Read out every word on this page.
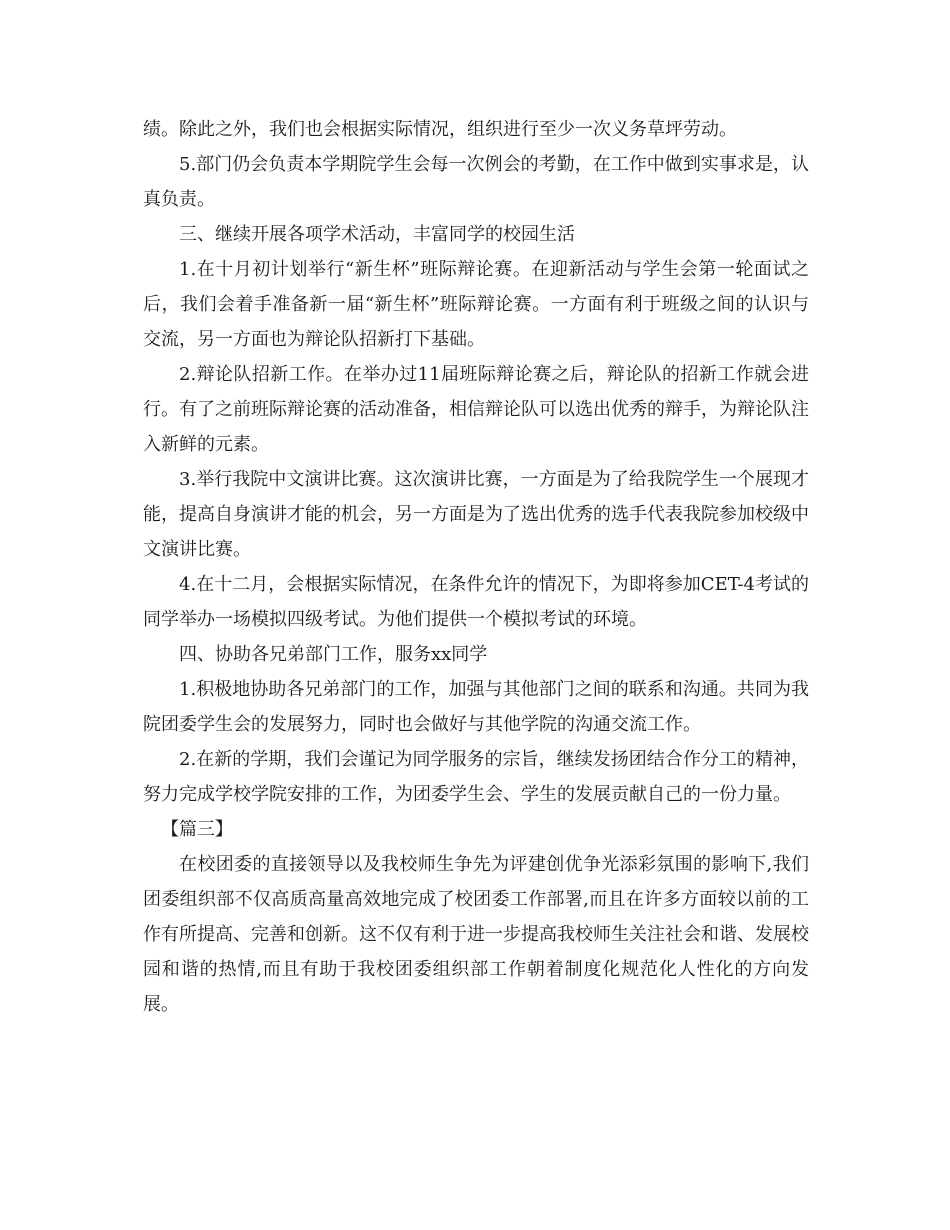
绩。除此之外，我们也会根据实际情况，组织进行至少一次义务草坪劳动。

5.部门仍会负责本学期院学生会每一次例会的考勤，在工作中做到实事求是，认真负责。

三、继续开展各项学术活动，丰富同学的校园生活

1.在十月初计划举行“新生杯”班际辩论赛。在迎新活动与学生会第一轮面试之后，我们会着手准备新一届“新生杯”班际辩论赛。一方面有利于班级之间的认识与交流，另一方面也为辩论队招新打下基础。

2.辩论队招新工作。在举办过11届班际辩论赛之后，辩论队的招新工作就会进行。有了之前班际辩论赛的活动准备，相信辩论队可以选出优秀的辩手，为辩论队注入新鲜的元素。

3.举行我院中文演讲比赛。这次演讲比赛，一方面是为了给我院学生一个展现才能，提高自身演讲才能的机会，另一方面是为了选出优秀的选手代表我院参加校级中文演讲比赛。

4.在十二月，会根据实际情况，在条件允许的情况下，为即将参加CET-4考试的同学举办一场模拟四级考试。为他们提供一个模拟考试的环境。

四、协助各兄弟部门工作，服务xx同学

1.积极地协助各兄弟部门的工作，加强与其他部门之间的联系和沟通。共同为我院团委学生会的发展努力，同时也会做好与其他学院的沟通交流工作。

2.在新的学期，我们会谨记为同学服务的宗旨，继续发扬团结合作分工的精神，努力完成学校学院安排的工作，为团委学生会、学生的发展贡献自己的一份力量。

【篇三】

在校团委的直接领导以及我校师生争先为评建创优争光添彩氛围的影响下,我们团委组织部不仅高质高量高效地完成了校团委工作部署,而且在许多方面较以前的工作有所提高、完善和创新。这不仅有利于进一步提高我校师生关注社会和谐、发展校园和谐的热情,而且有助于我校团委组织部工作朝着制度化规范化人性化的方向发展。
